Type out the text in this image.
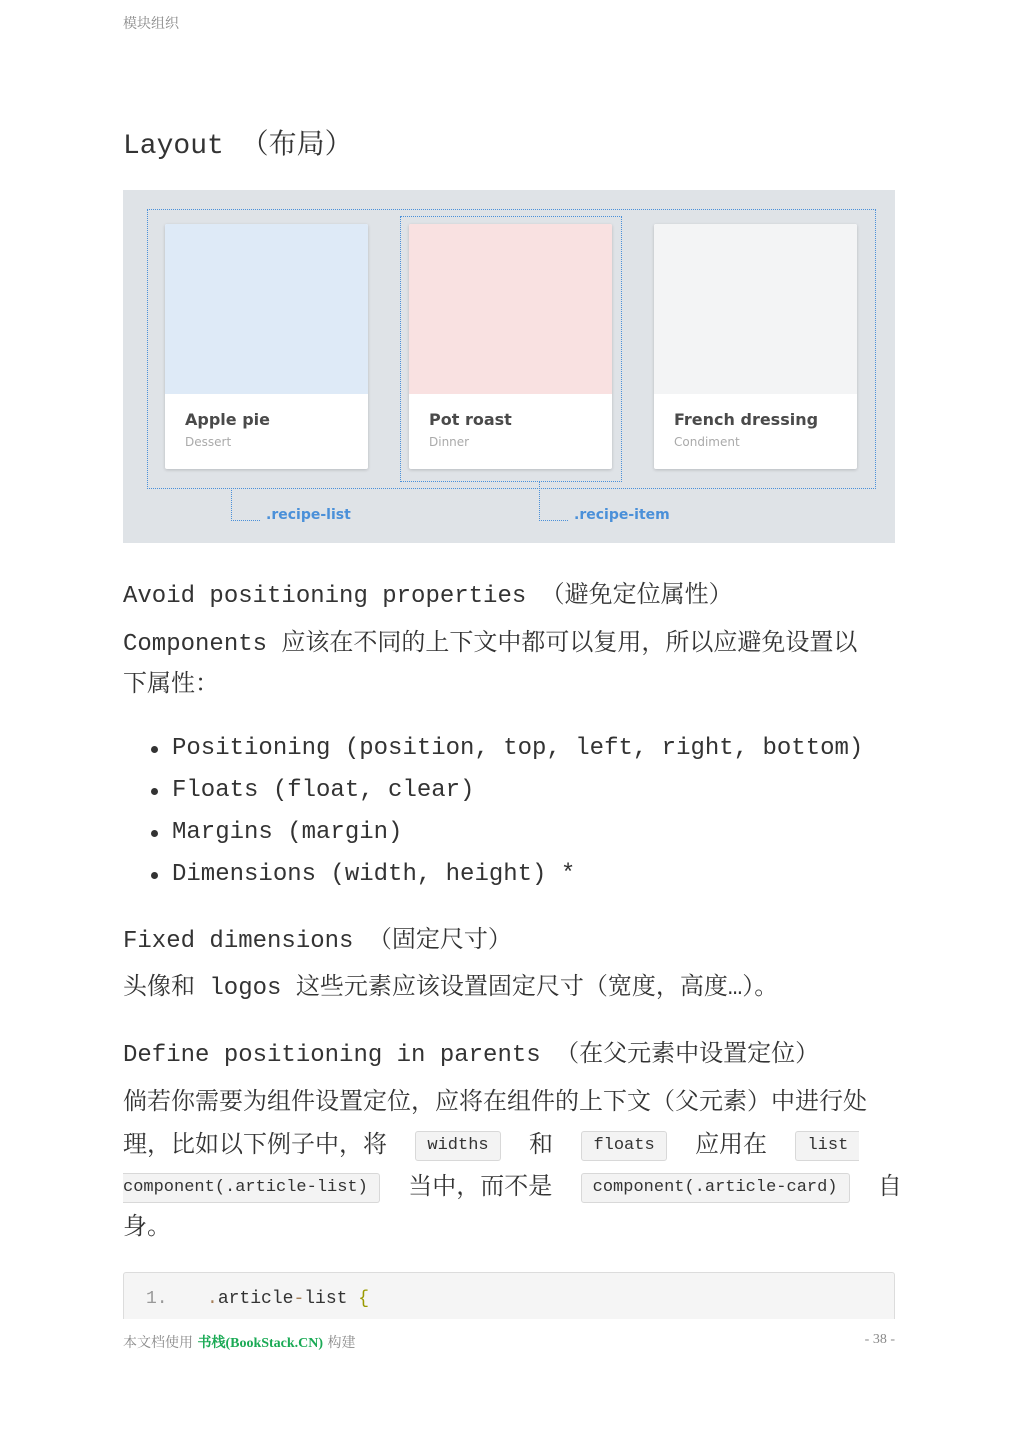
模块组织
Layout （布局）
Apple pie
Dessert
Pot roast
Dinner
French dressing
Condiment
.recipe-list	.recipe-item
Avoid positioning properties （避免定位属性）
Components 应该在不同的上下文中都可以复用，所以应避免设置以
下属性：
Positioning (position, top, left, right, bottom)
Floats (float, clear)
Margins (margin)
Dimensions (width, height) *
Fixed dimensions （固定尺寸）
头像和 logos 这些元素应该设置固定尺寸（宽度，高度…）。
Define positioning in parents （在父元素中设置定位）
倘若你需要为组件设置定位，应将在组件的上下文（父元素）中进行处
理，比如以下例子中，将 widths 和 floats 应用在 list
component(.article-list) 当中，而不是 component(.article-card) 自
身。
1. .article-list {
本文档使用 书栈(BookStack.CN) 构建	- 38 -
